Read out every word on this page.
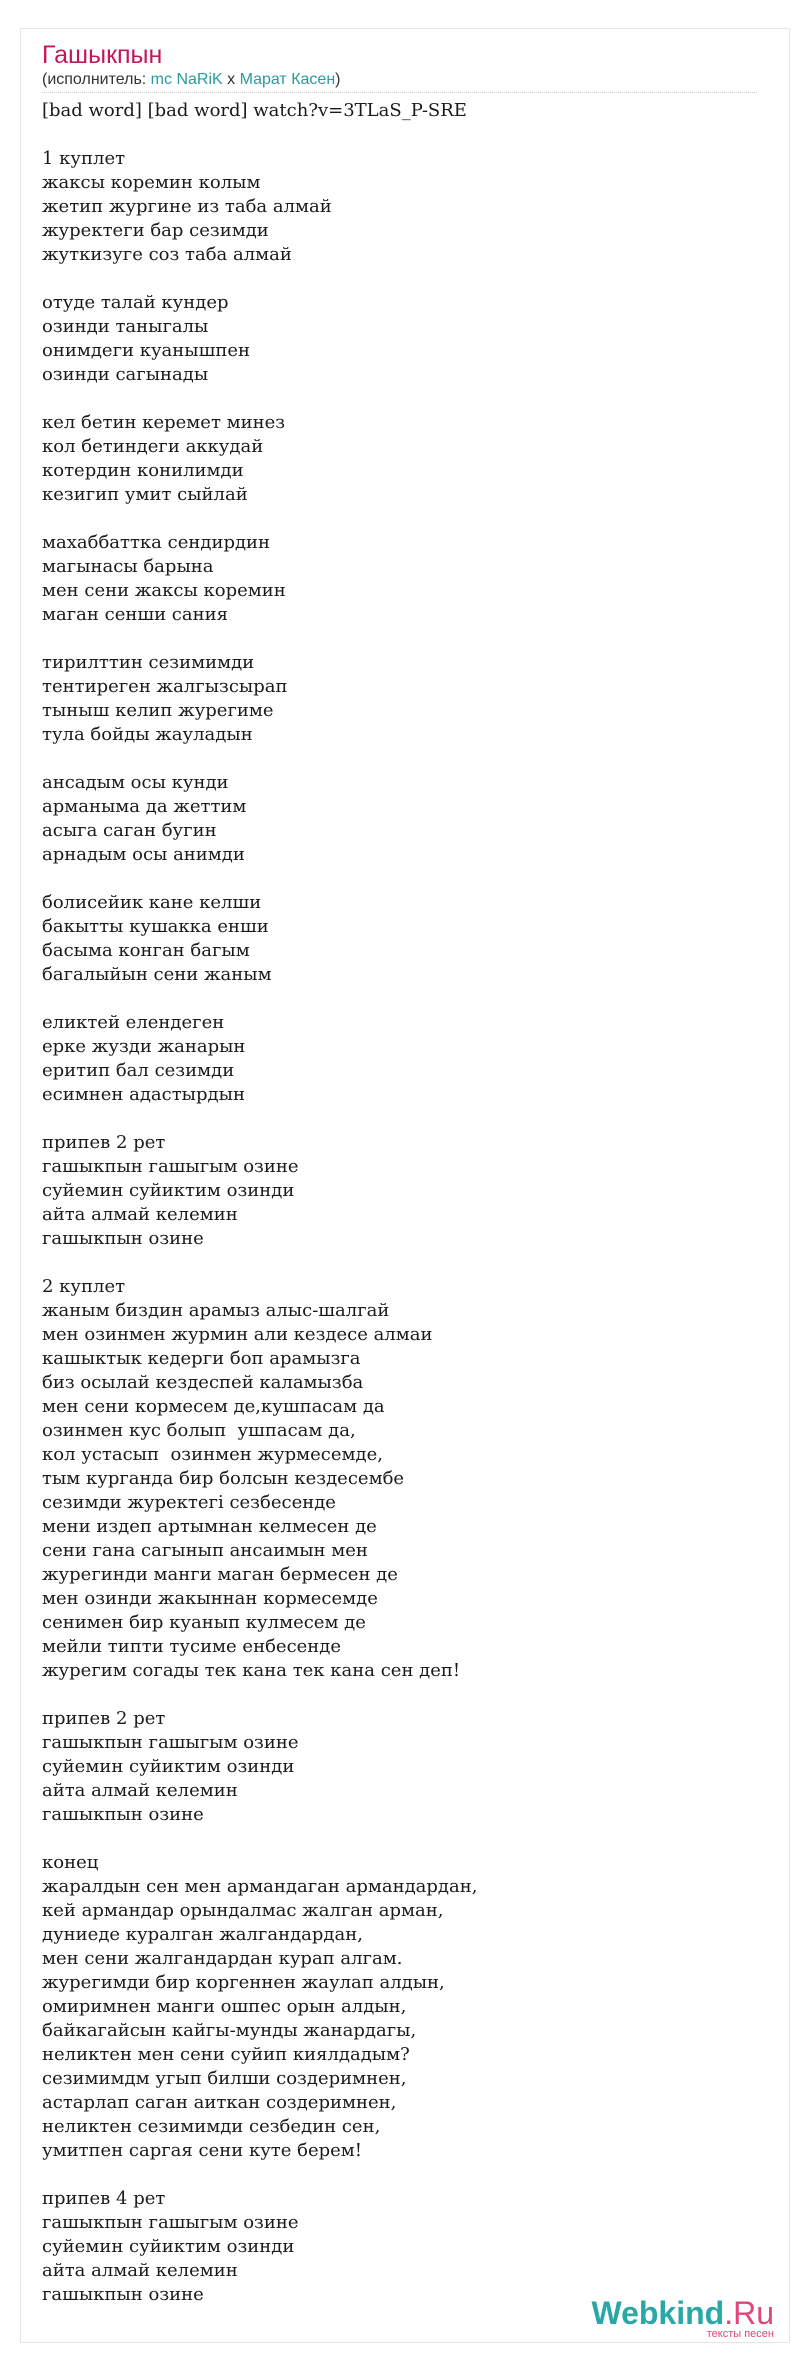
Гашыкпын
(исполнитель: mc NaRiK x Марат Касен)
[bad word] [bad word] watch?v=3TLaS_P-SRE
1 куплет
жаксы коремин колым
жетип жургине из таба алмай
журектеги бар сезимди
жуткизуге соз таба алмай
отуде талай кундер
озинди таныгалы
онимдеги куанышпен
озинди сагынады
кел бетин керемет минез
кол бетиндеги аккудай
котердин конилимди
кезигип умит сыйлай
махаббаттка сендирдин
магынасы барына
мен сени жаксы коремин
маган сенши сания
тирилттин сезимимди
тентиреген жалгызсырап
тыныш келип журегиме
тула бойды жауладын
ансадым осы кунди
арманыма да жеттим
асыга саган бугин
арнадым осы анимди
болисейик кане келши
бакытты кушакка енши
басыма конган багым
багалыйын сени жаным
еликтей елендеген
ерке жузди жанарын
еритип бал сезимди
есимнен адастырдын
припев 2 рет
гашыкпын гашыгым озине
суйемин суйиктим озинди
айта алмай келемин
гашыкпын озине
2 куплет
жаным биздин арамыз алыс-шалгай
мен озинмен журмин али кездесе алмаи
кашыктык кедерги боп арамызга
биз осылай кездеспей каламызба
мен сени кормесем де,кушпасам да
озинмен кус болып  ушпасам да,
кол устасып  озинмен журмесемде,
тым курганда бир болсын кездесембе
сезимди журектегi сезбесенде
мени издеп артымнан келмесен де
сени гана сагынып ансаимын мен
журегинди манги маган бермесен де
мен озинди жакыннан кормесемде
сенимен бир куанып кулмесем де
мейли типти тусиме енбесенде
журегим согады тек кана тек кана сен деп!
припев 2 рет
гашыкпын гашыгым озине
суйемин суйиктим озинди
айта алмай келемин
гашыкпын озине
конец
жаралдын сен мен армандаган армандардан,
кей армандар орындалмас жалган арман,
дуниеде куралган жалгандардан,
мен сени жалгандардан курап алгам.
журегимди бир коргеннен жаулап алдын,
омиримнен манги ошпес орын алдын,
байкагайсын кайгы-мунды жанардагы,
неликтен мен сени суйип киялдадым?
сезимимдм угып билши создеримнен,
астарлап саган аиткан создеримнен,
неликтен сезимимди сезбедин сен,
умитпен саргая сени куте берем!
припев 4 рет
гашыкпын гашыгым озине
суйемин суйиктим озинди
айта алмай келемин
гашыкпын озине
Webkind.Ru
тексты песен
